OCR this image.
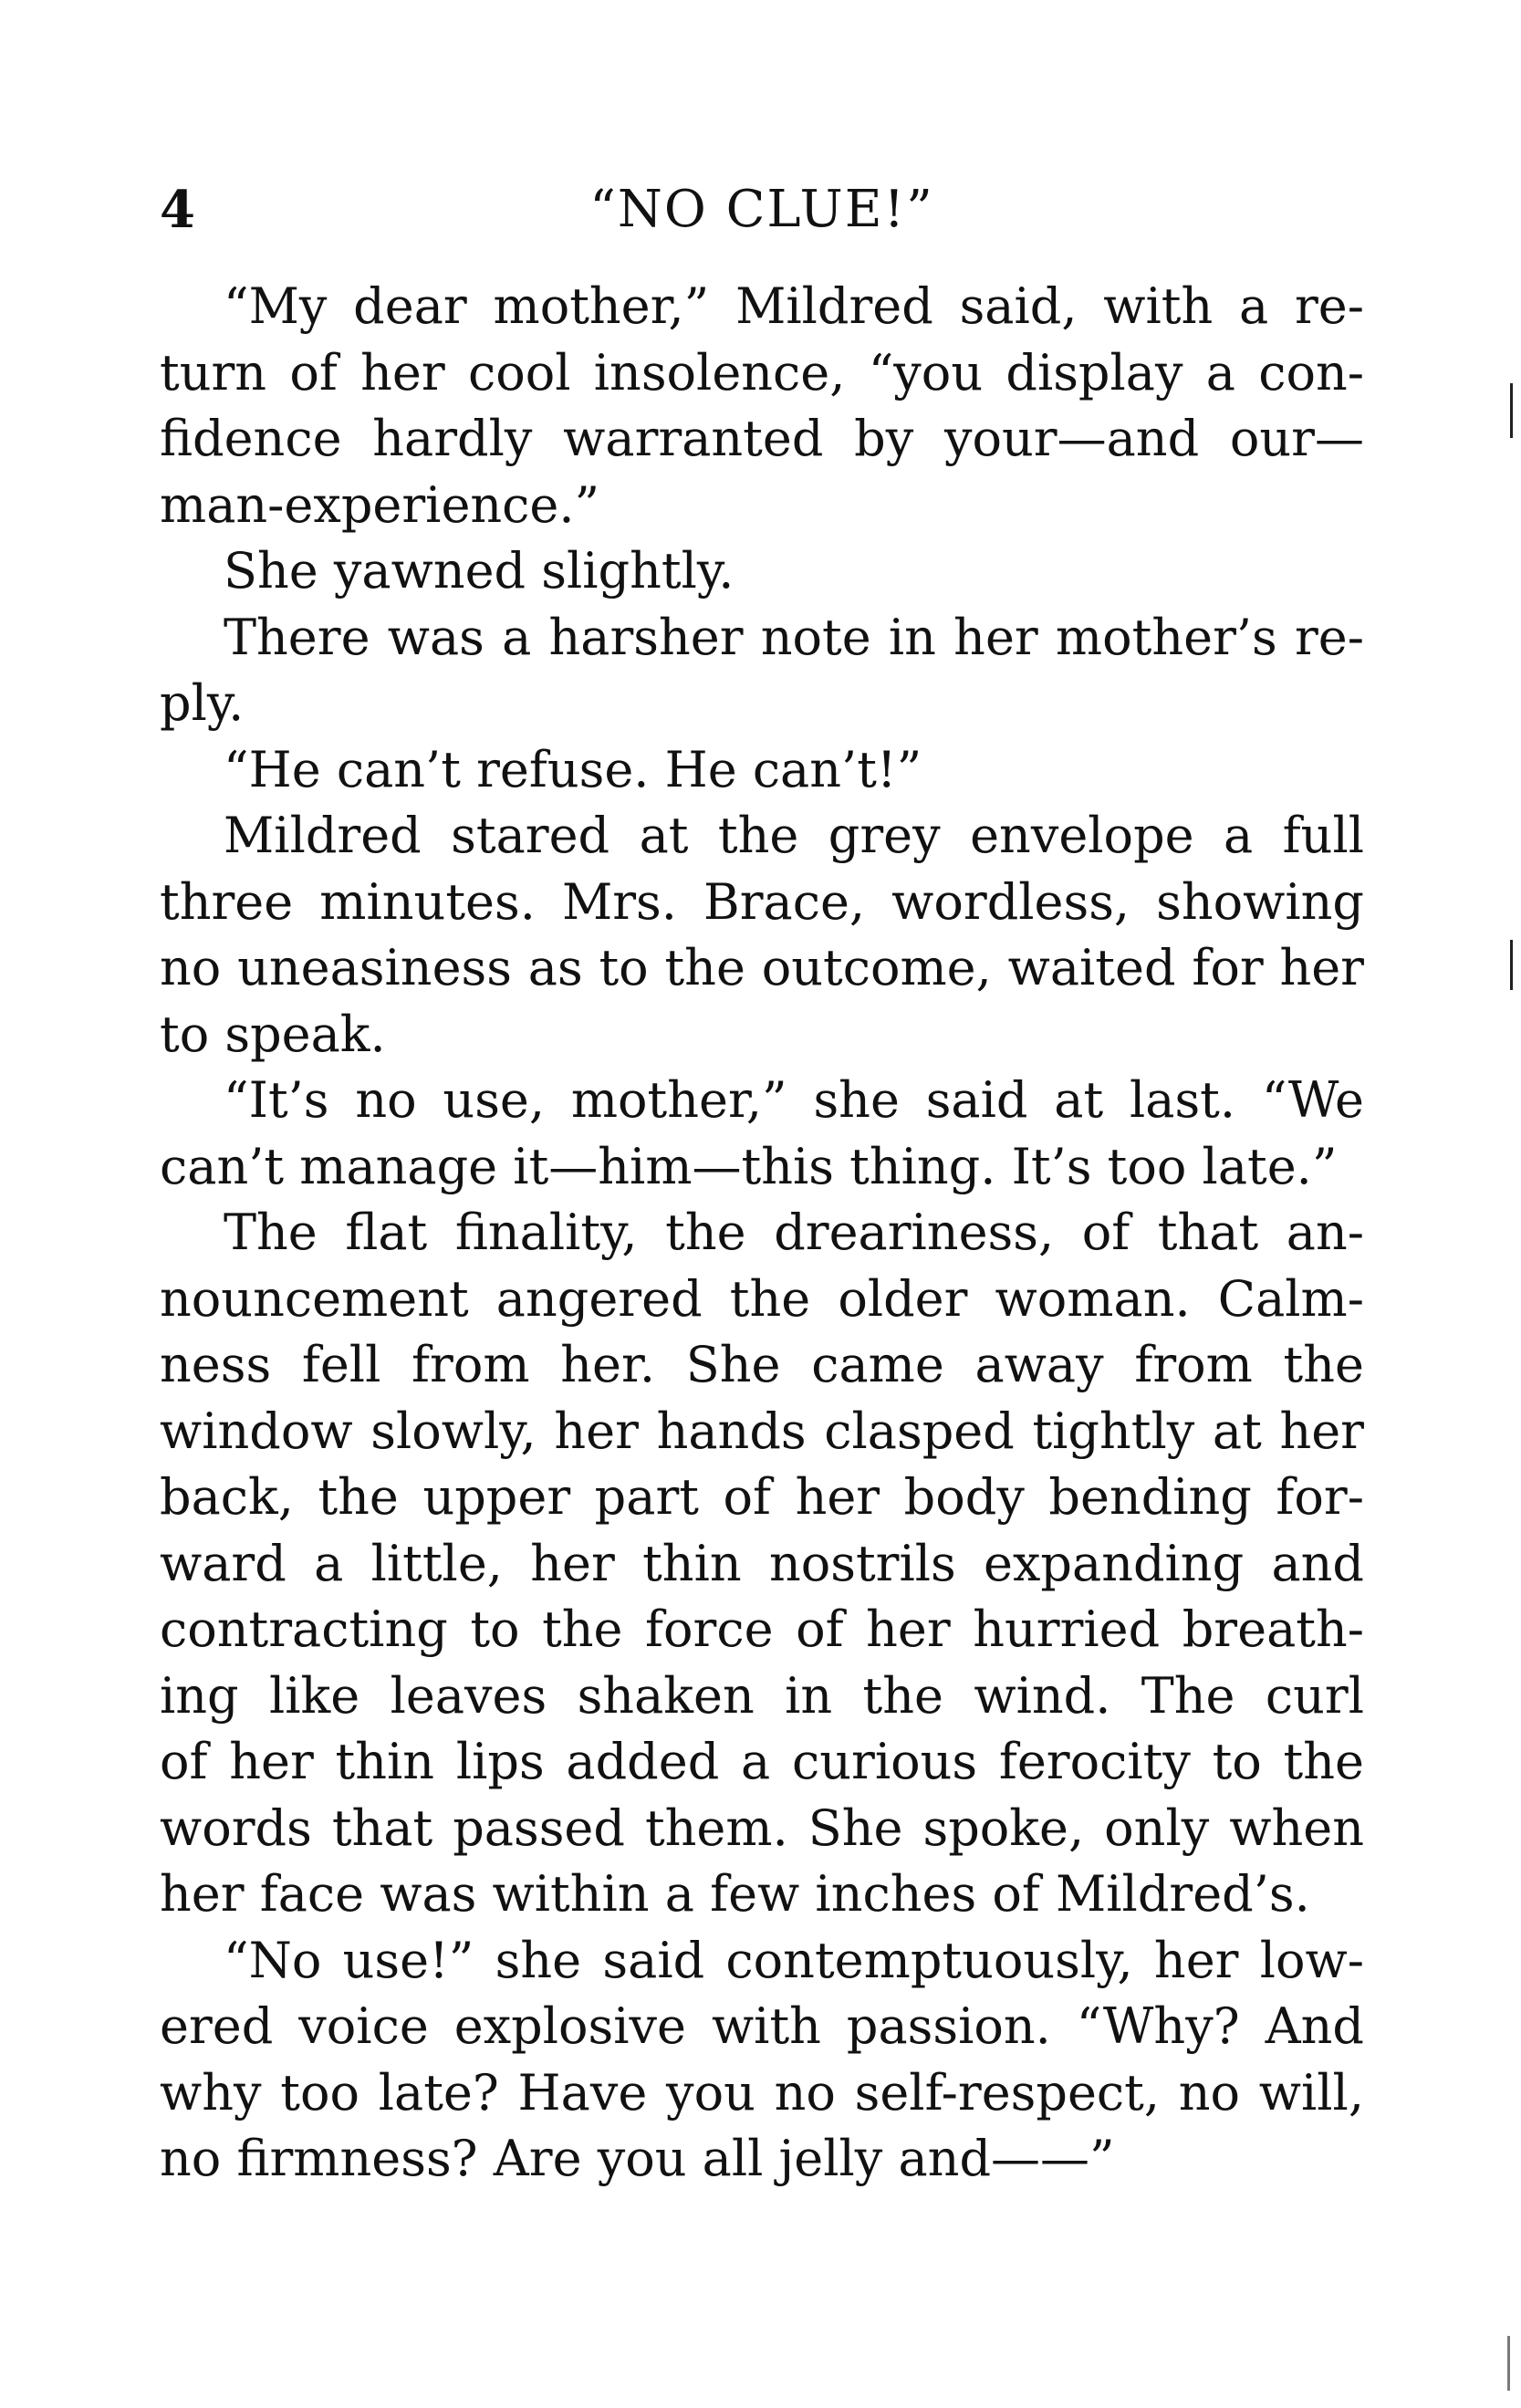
4	“NO CLUE!”
“My dear mother,” Mildred said, with a re-
turn of her cool insolence, “you display a con-
fidence hardly warranted by your—and our—
man-experience.”
She yawned slightly.
There was a harsher note in her mother’s re-
ply.
“He can’t refuse. He can’t!”
Mildred stared at the grey envelope a full
three minutes. Mrs. Brace, wordless, showing
no uneasiness as to the outcome, waited for her
to speak.
“It’s no use, mother,” she said at last. “We
can’t manage it—him—this thing. It’s too late.”
The flat finality, the dreariness, of that an-
nouncement angered the older woman. Calm-
ness fell from her. She came away from the
window slowly, her hands clasped tightly at her
back, the upper part of her body bending for-
ward a little, her thin nostrils expanding and
contracting to the force of her hurried breath-
ing like leaves shaken in the wind. The curl
of her thin lips added a curious ferocity to the
words that passed them. She spoke, only when
her face was within a few inches of Mildred’s.
“No use!” she said contemptuously, her low-
ered voice explosive with passion. “Why? And
why too late? Have you no self-respect, no will,
no firmness? Are you all jelly and——”
